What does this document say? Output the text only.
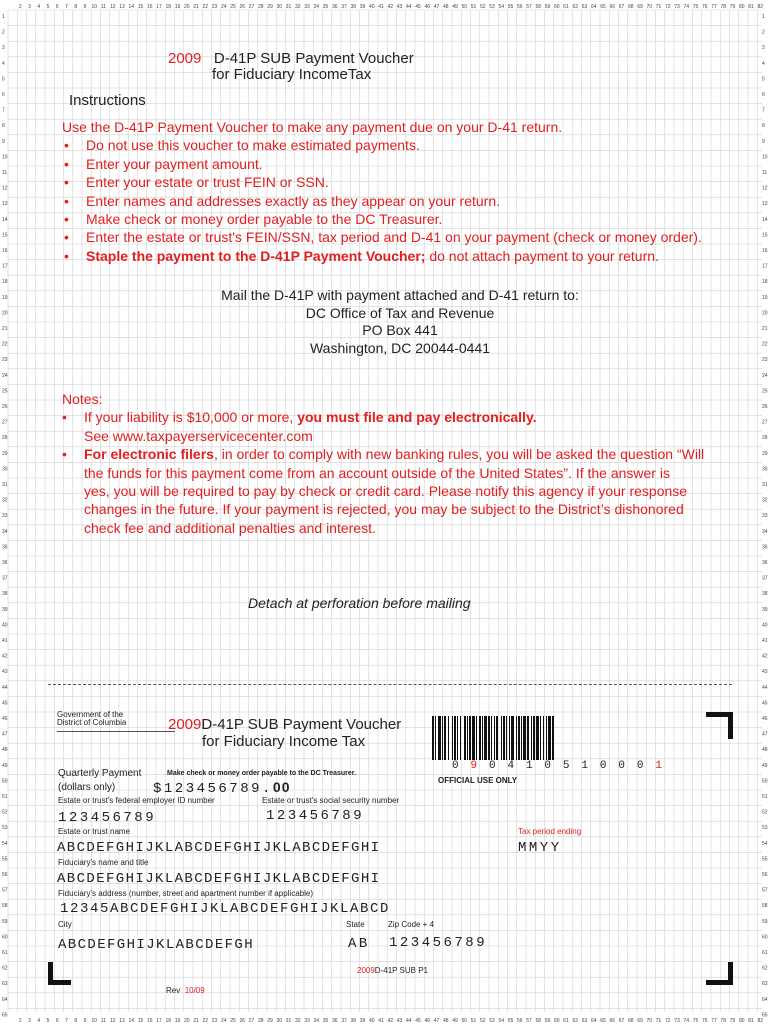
2
2
3
3
4
4
5
5
6
6
7
7
8
8
9
9
10
10
11
11
12
12
13
13
14
14
15
15
16
16
17
17
18
18
19
19
20
20
21
21
22
22
23
23
24
24
25
25
26
26
27
27
28
28
29
29
30
30
31
31
32
32
33
33
34
34
35
35
36
36
37
37
38
38
39
39
40
40
41
41
42
42
43
43
44
44
45
45
46
46
47
47
48
48
49
49
50
50
51
51
52
52
53
53
54
54
55
55
56
56
57
57
58
58
59
59
60
60
61
61
62
62
63
63
64
64
65
65
66
66
67
67
68
68
69
69
70
70
71
71
72
72
73
73
74
74
75
75
76
76
77
77
78
78
79
79
80
80
81
81
82
82
1	1
2	2
3	3
4	4
5	5
6	6
7	7
8	8
9	9
10	10
11	11
12	12
13	13
14	14
15	15
16	16
17	17
18	18
19	19
20	20
21	21
22	22
23	23
24	24
25	25
26	26
27	27
28	28
29	29
30	30
31	31
32	32
33	33
34	34
35	35
36	36
37	37
38	38
39	39
40	40
41	41
42	42
43	43
44	44
45	45
46	46
47	47
48	48
49	49
50	50
51	51
52	52
53	53
54	54
55	55
56	56
57	57
58	58
59	59
60	60
61	61
62	62
63	63
64	64
65	65
2009 D-41P SUB Payment Voucher
for Fiduciary IncomeTax
Instructions
Use the D-41P Payment Voucher to make any payment due on your D-41 return.
• Do not use this voucher to make estimated payments.
• Enter your payment amount.
• Enter your estate or trust FEIN or SSN.
• Enter names and addresses exactly as they appear on your return.
• Make check or money order payable to the DC Treasurer.
• Enter the estate or trust's FEIN/SSN, tax period and D-41 on your payment (check or money order).
• Staple the payment to the D-41P Payment Voucher; do not attach payment to your return.
Mail the D-41P with payment attached and D-41 return to:
DC Office of Tax and Revenue
PO Box 441
Washington, DC 20044-0441
Notes:
• If your liability is $10,000 or more, you must file and pay electronically.
See www.taxpayerservicecenter.com
• For electronic filers, in order to comply with new banking rules, you will be asked the question “Will
the funds for this payment come from an account outside of the United States”. If the answer is
yes, you will be required to pay by check or credit card. Please notify this agency if your response
changes in the future. If your payment is rejected, you may be subject to the District’s dishonored
check fee and additional penalties and interest.
Detach at perforation before mailing
Government of the
District of Columbia	2009D-41P SUB Payment Voucher
for Fiduciary Income Tax
0 9 0 4 1 0 5 1 0 0 0 1
OFFICIAL USE ONLY
Quarterly Payment	Make check or money order payable to the DC Treasurer.
(dollars only)	$123456789.00
Estate or trust's federal employer ID number	Estate or trust's social security number
123456789	123456789
Estate or trust name	Tax period ending
ABCDEFGHIJKLABCDEFGHIJKLABCDEFGHI	MMYY
Fiduciary's name and title
ABCDEFGHIJKLABCDEFGHIJKLABCDEFGHI
Fiduciary's address (number, street and apartment number if applicable)
12345ABCDEFGHIJKLABCDEFGHIJKLABCD
City	State	Zip Code + 4
ABCDEFGHIJKLABCDEFGH	AB 123456789
2009D-41P SUB P1
Rev 10/09
